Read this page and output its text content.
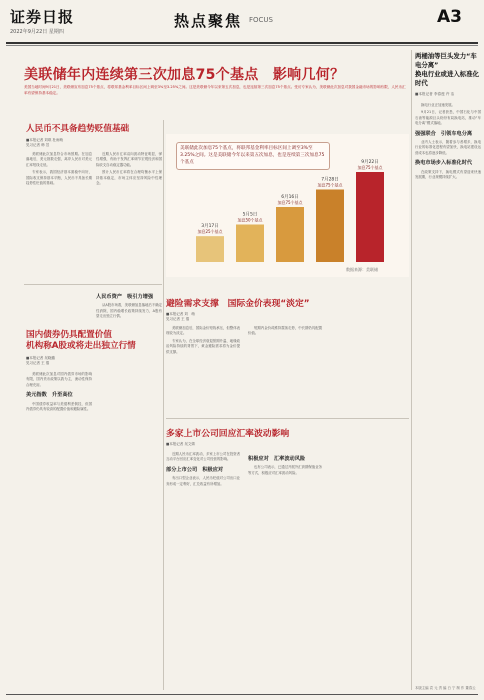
证券日报
2022年9月22日 星期四
热点聚焦 FOCUS	A3
美联储年内连续第三次加息75个基点　影响几何？
美国当地时间9月21日，美联储宣布加息75个基点，将联邦基金利率目标区间上调至3%至3.25%之间。这是美联储今年以来第五次加息，也是连续第三次加息75个基点。受访专家认为，美联储此次加息对我国金融市场的影响有限，人民币汇率有望保持基本稳定。
两桶油等巨头发力“车电分离”
换电行业或进入标准化时代
■本报记者 李春莲 许 洁

换电行业正加速发展。

9月21日，记者获悉，中国石化与中国石油等能源巨头纷纷布局换电站，推动“车电分离”模式落地。

强强联合　引领车电分离

业内人士表示，随着参与者增多，换电行业的标准化进程有望加快，换电站建设运营成本也将逐步降低。

换电市场步入标准化时代

在政策支持下，换电模式有望迎来快速发展期，行业规模持续扩大。

本版主编 袁 元 责 编 白 宁 制 作 董春云
人民币不具备趋势贬值基础
■本报记者 刘琪 杜雨萌
见习记者 韩 昱

美联储此次加息符合市场预期。在加息落地后，美元指数走强，离岸人民币对美元汇率短线走低。

专家表示，我国经济基本面稳中向好，国际收支保持基本平衡，人民币不具备长期趋势性贬值的基础。

近期人民币汇率双向波动特征明显，弹性增强，有助于发挥汇率调节宏观经济和国际收支自动稳定器功能。

预计人民币汇率将在合理均衡水平上保持基本稳定，市场主体应坚持风险中性理念。

3月17日
加息25个基点
5月5日
加息50个基点
6月16日
加息75个基点
7月28日
加息75个基点
9月22日
加息75个基点
数据来源：美联储
美联储此次加息75个基点，将联邦基金利率目标区间上调至3%至3.25%之间。这是美联储今年以来第五次加息，也是连续第三次加息75个基点
国内债券仍具配置价值
机构称A股或将走出独立行情
■本报记者 吴晓璐
见习记者 王 僖

美联储此次加息对国内债券市场的影响有限，国内货币政策以我为主，流动性保持合理充裕。

美元指数　升至高位

中国债券收益率与美债利差倒挂，但国内债券仍具有较高的配置价值和避险属性。

人民币资产　吸引力增强

从A股市场看，美联储加息落地后不确定性消除，国内稳增长政策持续发力，A股有望走出独立行情。

避险需求支撑　国际金价表现“淡定”
■本报记者 刘　萌
见习记者 王 僖

美联储加息后，国际金价短线承压，但整体表现较为淡定。

专家认为，在全球经济衰退预期升温、地缘政治风险持续的背景下，黄金避险需求将为金价提供支撑。

短期内金价或维持震荡走势，中长期仍具配置价值。

多家上市公司回应汇率波动影响
■本报记者 吴文婧

近期人民币汇率波动，多家上市公司在投资者互动平台回应汇率变化对公司经营的影响。

部分上市公司　积极应对

有出口型企业表示，人民币贬值对公司出口业务形成一定利好，汇兑收益有所增加。

积极应对　汇率波动风险

也有公司表示，已通过开展外汇套期保值业务等方式，积极应对汇率波动风险。
